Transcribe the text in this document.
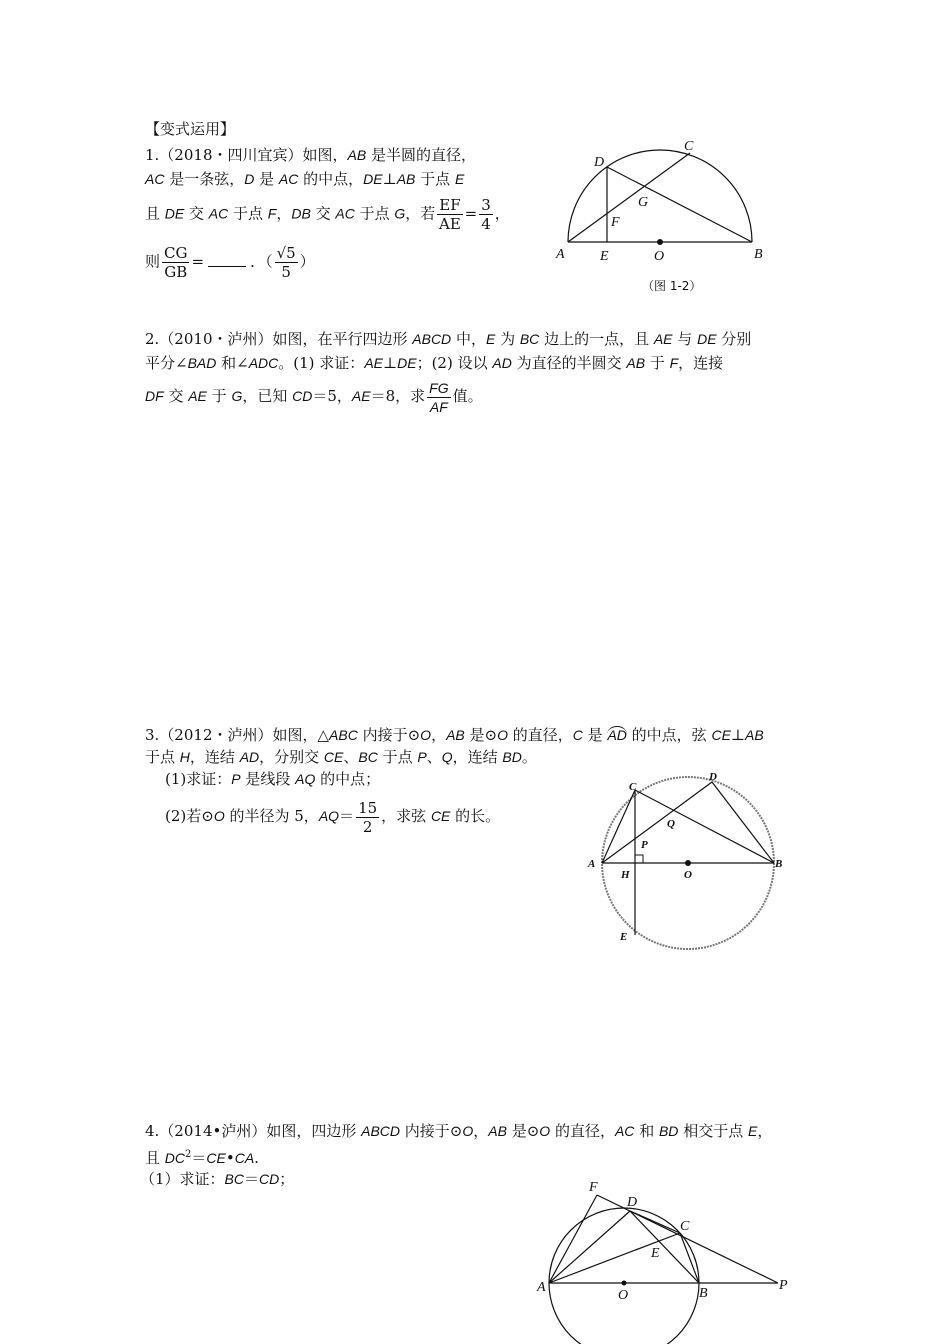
【变式运用】
1.（2018・四川宜宾）如图，AB 是半圆的直径，
AC 是一条弦，D 是 AC 的中点，DE⊥AB 于点 E
且 DE 交 AC 于点 F，DB 交 AC 于点 G，若 $\frac{EF}{AE} = \frac{3}{4}$ ，
则 $\frac{CG}{GB}$ =	．（ $\frac{√5}{5}$ ）	A	E	O	B
C
D
F
G
（图 1-2）
2.（2010・泸州）如图，在平行四边形 ABCD 中，E 为 BC 边上的一点，且 AE 与 DE 分别
平分∠BAD 和∠ADC。(1) 求证：AE⊥DE；(2) 设以 AD 为直径的半圆交 AB 于 F，连接
DF 交 AE 于 G，已知 CD＝5，AE＝8，求 $\frac{FG}{AF}$ 值。
3.（2012・泸州）如图，△ABC 内接于⊙O，AB 是⊙O 的直径，C 是 AD 的中点，弦 CE⊥AB
于点 H，连结 AD，分别交 CE、BC 于点 P、Q，连结 BD。
(1)求证：P 是线段 AQ 的中点；
(2)若⊙O 的半径为 5，$AQ= \frac{15}{2}$ ，求弦 CE 的长。
A	B
C
D
E
H	O
P
Q
4.（2014•泸州）如图，四边形 ABCD 内接于⊙O，AB 是⊙O 的直径，AC 和 BD 相交于点 E，
且 $DC^2=CE•CA$.
（1）求证：BC＝CD；	F
D
C
E
A
O	B
P
